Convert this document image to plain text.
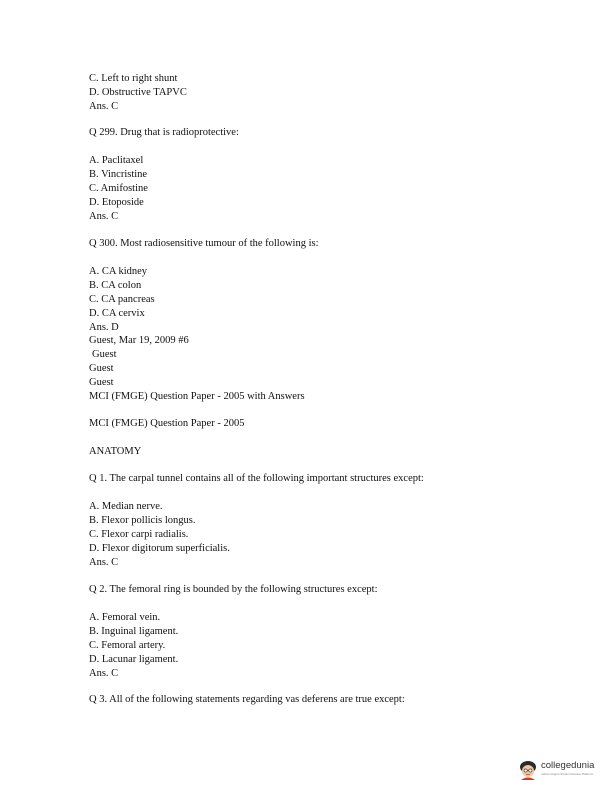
C. Left to right shunt
D. Obstructive TAPVC
Ans. C
Q 299. Drug that is radioprotective:
A. Paclitaxel
B. Vincristine
C. Amifostine
D. Etoposide
Ans. C
Q 300. Most radiosensitive tumour of the following is:
A. CA kidney
B. CA colon
C. CA pancreas
D. CA cervix
Ans. D
Guest, Mar 19, 2009 #6
Guest
Guest
Guest
MCI (FMGE) Question Paper - 2005 with Answers
MCI (FMGE) Question Paper - 2005
ANATOMY
Q 1. The carpal tunnel contains all of the following important structures except:
A. Median nerve.
B. Flexor pollicis longus.
C. Flexor carpi radialis.
D. Flexor digitorum superficialis.
Ans. C
Q 2. The femoral ring is bounded by the following structures except:
A. Femoral vein.
B. Inguinal ligament.
C. Femoral artery.
D. Lacunar ligament.
Ans. C
Q 3. All of the following statements regarding vas deferens are true except:
collegedunia
India's largest Student Review Platform
